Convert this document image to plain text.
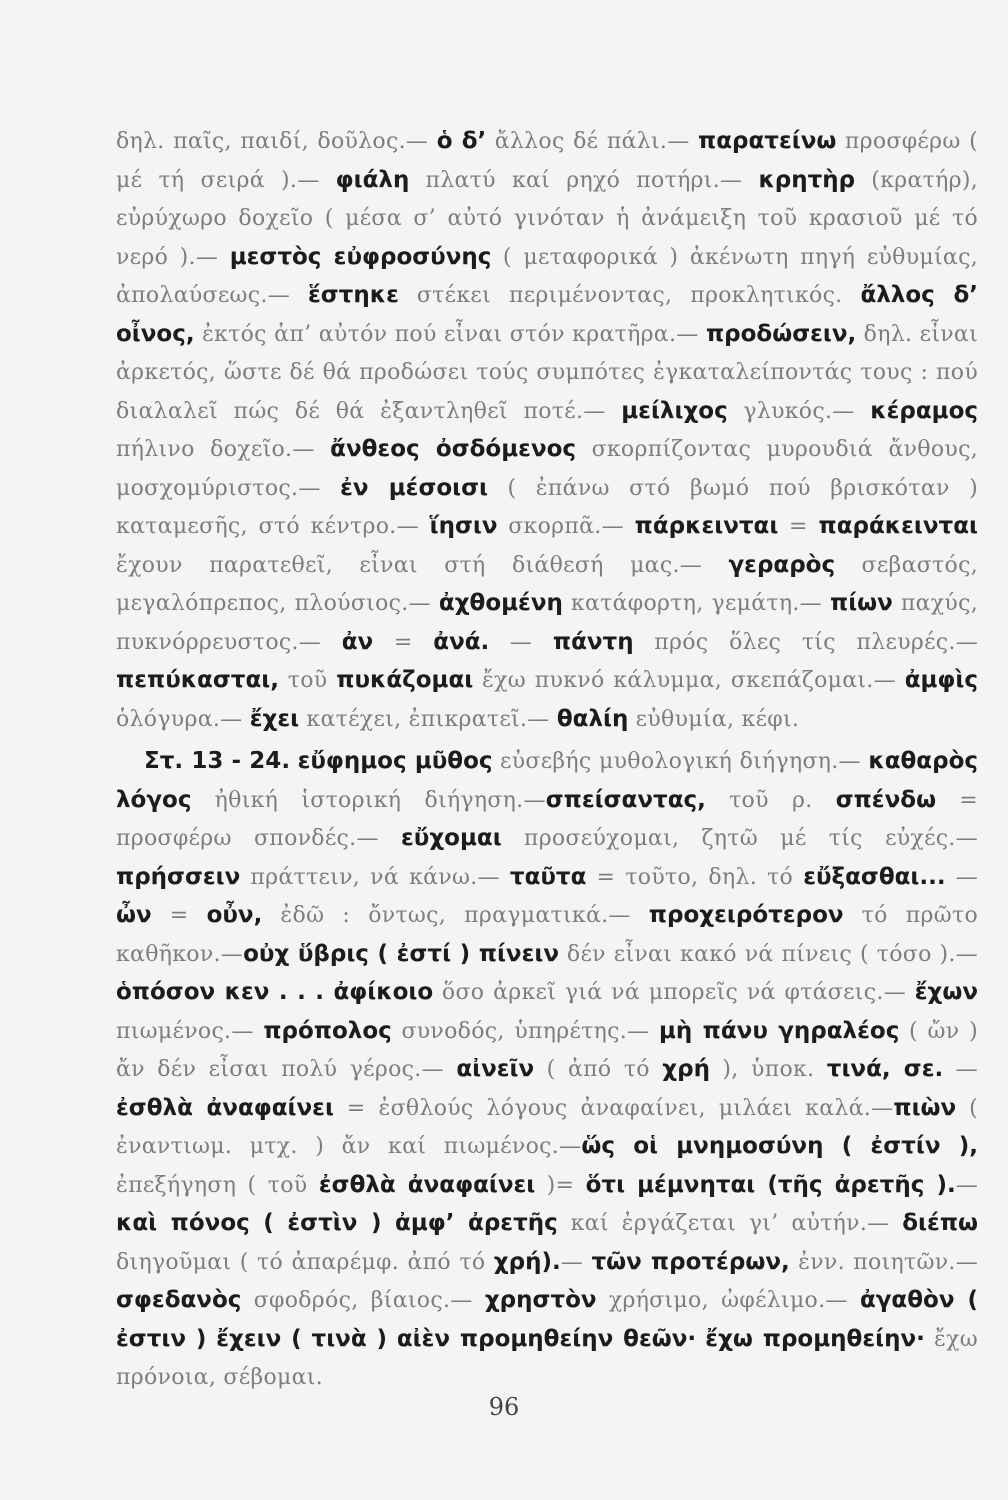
δηλ. παῖς, παιδί, δοῦλος.— ὁ δ’ ἄλλος δέ πάλι.— παρατείνω προσφέρω ( μέ τή σειρά ).— φιάλη πλατύ καί ρηχό ποτήρι.— κρητὴρ (κρατήρ), εὐρύχωρο δοχεῖο ( μέσα σ’ αὐτό γινόταν ἡ ἀνάμειξη τοῦ κρασιοῦ μέ τό νερό ).— μεστὸς εὐφροσύνης ( μεταφορικά ) ἀκένωτη πηγή εὐθυμίας, ἀπολαύσεως.— ἕστηκε στέκει περιμένοντας, προκλητικός. ἄλλος δ’ οἶνος, ἐκτός ἀπ’ αὐτόν πού εἶναι στόν κρατῆρα.— προδώσειν, δηλ. εἶναι ἀρκετός, ὥστε δέ θά προδώσει τούς συμπότες ἐγκαταλείποντάς τους : πού διαλαλεῖ πώς δέ θά ἐξαντληθεῖ ποτέ.— μείλιχος γλυκός.— κέραμος πήλινο δοχεῖο.— ἄνθεος ὀσδόμενος σκορπίζοντας μυρουδιά ἄνθους, μοσχομύριστος.— ἐν μέσοισι ( ἐπάνω στό βωμό πού βρισκόταν ) καταμεσῆς, στό κέντρο.— ἵησιν σκορπᾶ.— πάρκεινται = παράκεινται ἔχουν παρατεθεῖ, εἶναι στή διάθεσή μας.— γεραρὸς σεβαστός, μεγαλόπρεπος, πλούσιος.— ἀχθομένη κατάφορτη, γεμάτη.— πίων παχύς, πυκνόρρευστος.— ἀν = ἀνά. — πάντη πρός ὅλες τίς πλευρές.— πεπύκασται, τοῦ πυκάζομαι ἔχω πυκνό κάλυμμα, σκεπάζομαι.— ἀμφὶς ὁλόγυρα.— ἔχει κατέχει, ἐπικρατεῖ.— θαλίη εὐθυμία, κέφι.

Στ. 13 - 24. εὔφημος μῦθος εὐσεβής μυθολογική διήγηση.— καθαρὸς λόγος ἠθική ἱστορική διήγηση.—σπείσαντας, τοῦ ρ. σπένδω = προσφέρω σπονδές.— εὔχομαι προσεύχομαι, ζητῶ μέ τίς εὐχές.— πρήσσειν πράττειν, νά κάνω.— ταῦτα = τοῦτο, δηλ. τό εὔξασθαι... — ὦν = οὖν, ἐδῶ : ὄντως, πραγματικά.— προχειρότερον τό πρῶτο καθῆκον.—οὐχ ὕβρις ( ἐστί ) πίνειν δέν εἶναι κακό νά πίνεις ( τόσο ).— ὁπόσον κεν . . . ἀφίκοιο ὅσο ἀρκεῖ γιά νά μπορεῖς νά φτάσεις.— ἔχων πιωμένος.— πρόπολος συνοδός, ὑπηρέτης.— μὴ πάνυ γηραλέος ( ὤν ) ἄν δέν εἶσαι πολύ γέρος.— αἰνεῖν ( ἀπό τό χρή ), ὑποκ. τινά, σε. — ἐσθλὰ ἀναφαίνει = ἐσθλούς λόγους ἀναφαίνει, μιλάει καλά.—πιὼν ( ἐναντιωμ. μτχ. ) ἄν καί πιωμένος.—ὥς οἱ μνημοσύνη ( ἐστίν ), ἐπεξήγηση ( τοῦ ἐσθλὰ ἀναφαίνει )= ὅτι μέμνηται (τῆς ἀρετῆς ).— καὶ πόνος ( ἐστὶν ) ἀμφ’ ἀρετῆς καί ἐργάζεται γι’ αὐτήν.— διέπω διηγοῦμαι ( τό ἀπαρέμφ. ἀπό τό χρή).— τῶν προτέρων, ἐνν. ποιητῶν.— σφεδανὸς σφοδρός, βίαιος.— χρηστὸν χρήσιμο, ὠφέλιμο.— ἀγαθὸν ( ἐστιν ) ἔχειν ( τινὰ ) αἰὲν προμηθείην θεῶν· ἔχω προμηθείην· ἔχω πρόνοια, σέβομαι.

96
